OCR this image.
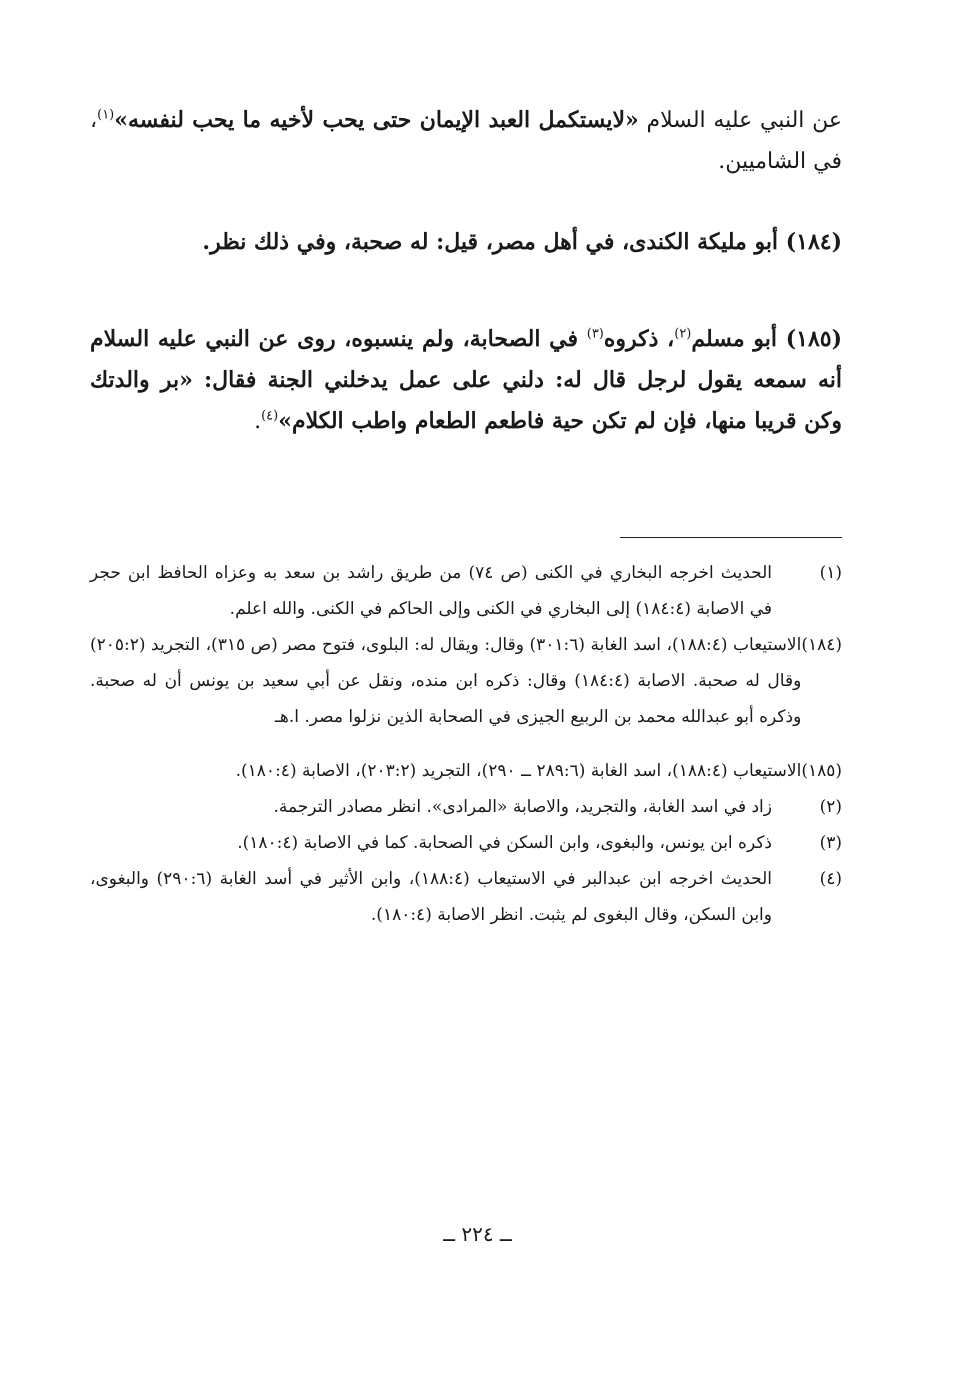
عن النبي عليه السلام «لايستكمل العبد الإيمان حتى يحب لأخيه ما يحب لنفسه»$^{(١)}$، في الشاميين.

(١٨٤) أبو مليكة الكندى، في أهل مصر، قيل: له صحبة، وفي ذلك نظر.

(١٨٥) أبو مسلم$^{(٢)}$، ذكروه$^{(٣)}$ في الصحابة، ولم ينسبوه، روى عن النبي عليه السلام أنه سمعه يقول لرجل قال له: دلني على عمل يدخلني الجنة فقال: «بر والدتك وكن قريبا منها، فإن لم تكن حية فاطعم الطعام واطب الكلام»$^{(٤)}$.

(١)
الحديث اخرجه البخاري في الكنى (ص ٧٤) من طريق راشد بن سعد به وعزاه الحافظ ابن حجر في الاصابة (١٨٤:٤) إلى البخاري في الكنى وإلى الحاكم في الكنى. والله اعلم.
(١٨٤)
الاستيعاب (١٨٨:٤)، اسد الغابة (٣٠١:٦) وقال: ويقال له: البلوى، فتوح مصر (ص ٣١٥)، التجريد (٢٠٥:٢) وقال له صحبة. الاصابة (١٨٤:٤) وقال: ذكره ابن منده، ونقل عن أبي سعيد بن يونس أن له صحبة. وذكره أبو عبدالله محمد بن الربيع الجيزى في الصحابة الذين نزلوا مصر. ا.هـ
(١٨٥)
الاستيعاب (١٨٨:٤)، اسد الغابة (٢٨٩:٦ ــ ٢٩٠)، التجريد (٢٠٣:٢)، الاصابة (١٨٠:٤).
(٢)
زاد في اسد الغابة، والتجريد، والاصابة «المرادى». انظر مصادر الترجمة.
(٣)
ذكره ابن يونس، والبغوى، وابن السكن في الصحابة. كما في الاصابة (١٨٠:٤).
(٤)
الحديث اخرجه ابن عبدالبر في الاستيعاب (١٨٨:٤)، وابن الأثير في أسد الغابة (٢٩٠:٦) والبغوى، وابن السكن، وقال البغوى لم يثبت. انظر الاصابة (١٨٠:٤).
ــ ٢٢٤ ــ
